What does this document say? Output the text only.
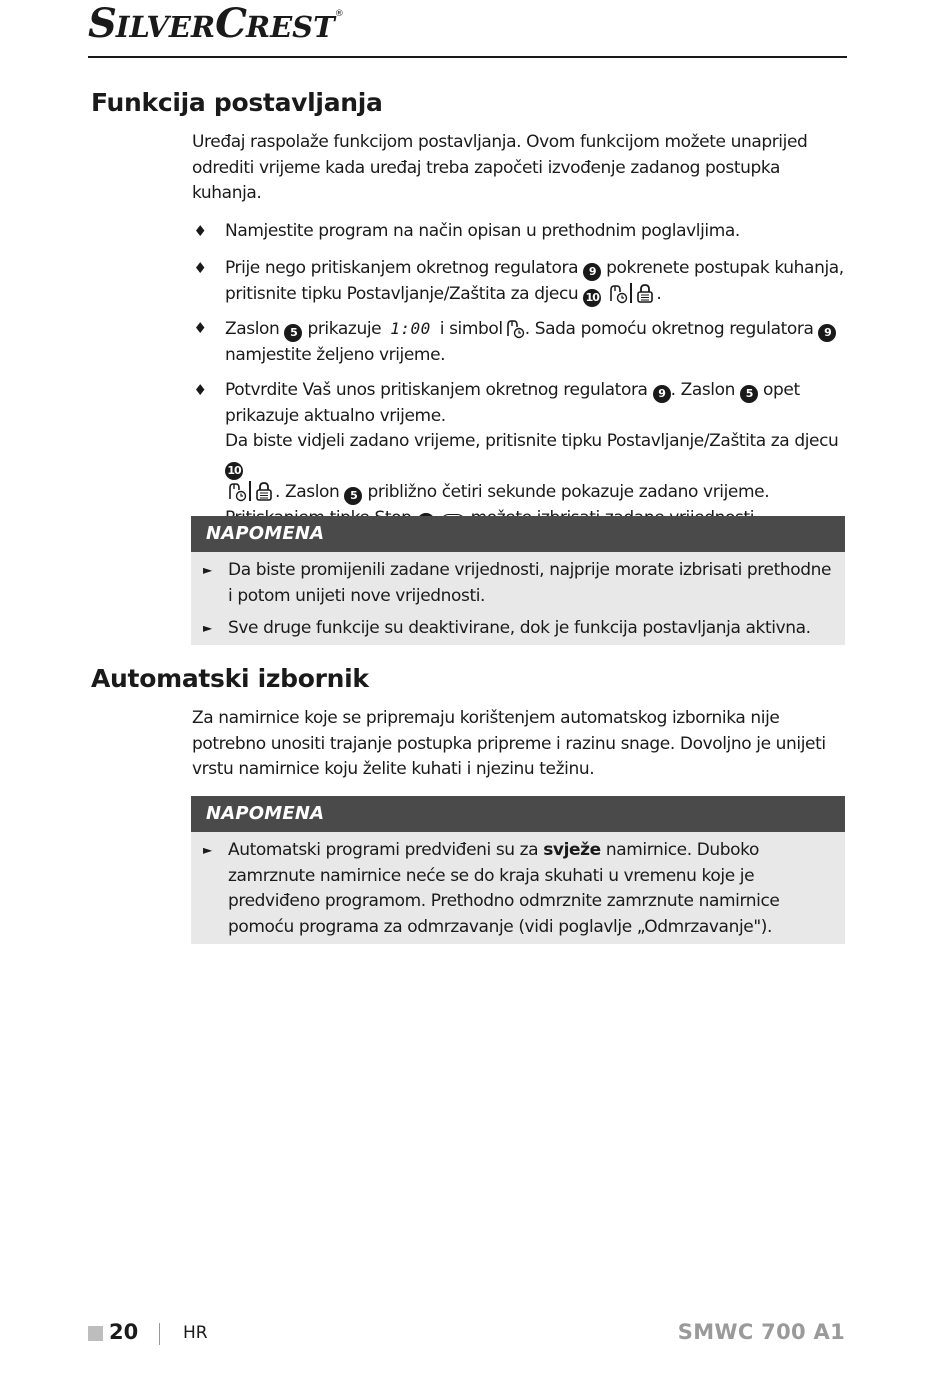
SILVERCREST®
Funkcija postavljanja

Uređaj raspolaže funkcijom postavljanja. Ovom funkcijom možete unaprijed odrediti vrijeme kada uređaj treba započeti izvođenje zadanog postupka kuhanja.

♦ Namjestite program na način opisan u prethodnim poglavljima.

♦ Prije nego pritiskanjem okretnog regulatora 9 pokrenete postupak kuhanja, pritisnite tipku Postavljanje/Zaštita za djecu 10	.

♦ Zaslon 5 prikazuje 1:00 i simbol . Sada pomoću okretnog regulatora 9 namjestite željeno vrijeme.

♦ Potvrdite Vaš unos pritiskanjem okretnog regulatora 9 . Zaslon 5 opet prikazuje aktualno vrijeme.
Da biste vidjeli zadano vrijeme, pritisnite tipku Postavljanje/Zaštita za djecu 10
. Zaslon 5 približno četiri sekunde pokazuje zadano vrijeme.

NAPOMENA
► Da biste promijenili zadane vrijednosti, najprije morate izbrisati prethodne i potom unijeti nove vrijednosti.

► Sve druge funkcije su deaktivirane, dok je funkcija postavljanja aktivna.

Automatski izbornik

Za namirnice koje se pripremaju korištenjem automatskog izbornika nije potrebno unositi trajanje postupka pripreme i razinu snage. Dovoljno je unijeti vrstu namirnice koju želite kuhati i njezinu težinu.

NAPOMENA
► Automatski programi predviđeni su za svježe namirnice. Duboko zamrznute namirnice neće se do kraja skuhati u vremenu koje je predviđeno programom. Prethodno odmrznite zamrznute namirnice pomoću programa za odmrzavanje (vidi poglavlje „Odmrzavanje").

20	HR	SMWC 700 A1
